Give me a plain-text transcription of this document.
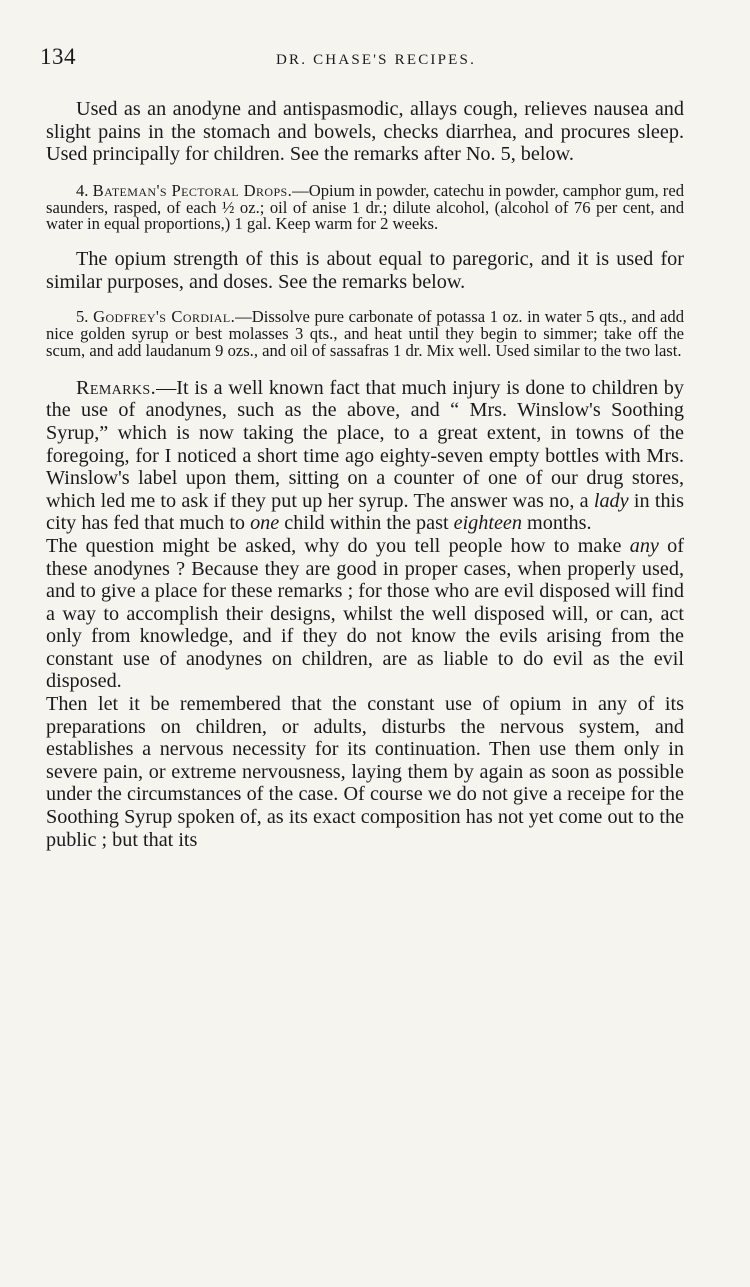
134	DR. CHASE'S RECIPES.

Used as an anodyne and antispasmodic, allays cough, relieves nausea and slight pains in the stomach and bowels, checks diarrhea, and procures sleep. Used principally for children. See the remarks after No. 5, below.

4. Bateman's Pectoral Drops.—Opium in powder, catechu in powder, camphor gum, red saunders, rasped, of each ½ oz.; oil of anise 1 dr.; dilute alcohol, (alcohol of 76 per cent, and water in equal proportions,) 1 gal. Keep warm for 2 weeks.

The opium strength of this is about equal to paregoric, and it is used for similar purposes, and doses. See the remarks below.

5. Godfrey's Cordial.—Dissolve pure carbonate of potassa 1 oz. in water 5 qts., and add nice golden syrup or best molasses 3 qts., and heat until they begin to simmer; take off the scum, and add laudanum 9 ozs., and oil of sassafras 1 dr. Mix well. Used similar to the two last.

Remarks.—It is a well known fact that much injury is done to children by the use of anodynes, such as the above, and “ Mrs. Winslow's Soothing Syrup,” which is now taking the place, to a great extent, in towns of the foregoing, for I noticed a short time ago eighty-seven empty bottles with Mrs. Winslow's label upon them, sitting on a counter of one of our drug stores, which led me to ask if they put up her syrup. The answer was no, a lady in this city has fed that much to one child within the past eighteen months.

The question might be asked, why do you tell people how to make any of these anodynes ? Because they are good in proper cases, when properly used, and to give a place for these remarks ; for those who are evil disposed will find a way to accomplish their designs, whilst the well disposed will, or can, act only from knowledge, and if they do not know the evils arising from the constant use of anodynes on children, are as liable to do evil as the evil disposed.

Then let it be remembered that the constant use of opium in any of its preparations on children, or adults, disturbs the nervous system, and establishes a nervous necessity for its continuation. Then use them only in severe pain, or extreme nervousness, laying them by again as soon as possible under the circumstances of the case. Of course we do not give a receipe for the Soothing Syrup spoken of, as its exact composition has not yet come out to the public ; but that its
